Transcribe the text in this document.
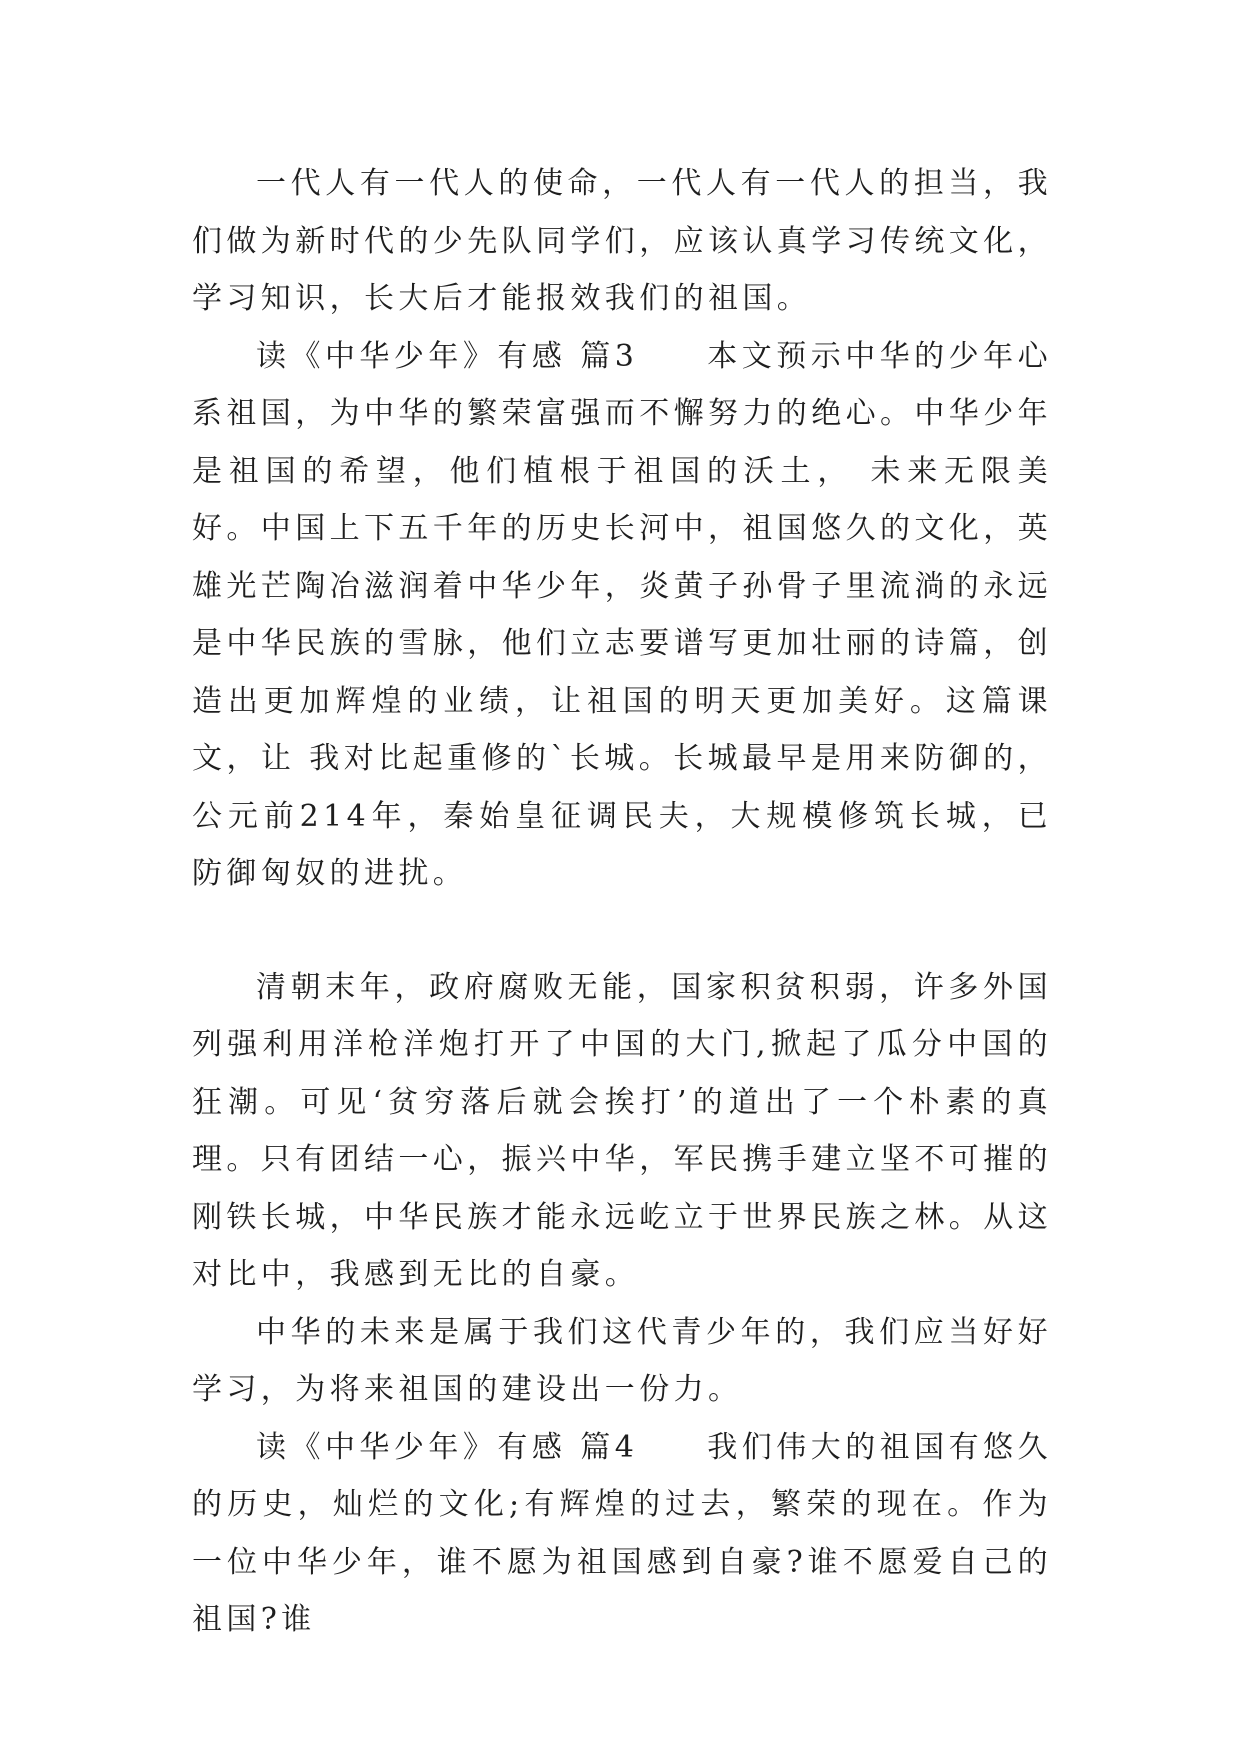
一代人有一代人的使命，一代人有一代人的担当，我们做为新时代的少先队同学们，应该认真学习传统文化，学习知识，长大后才能报效我们的祖国。

读《中华少年》有感 篇3　　本文预示中华的少年心系祖国，为中华的繁荣富强而不懈努力的绝心。中华少年是祖国的希望，他们植根于祖国的沃土， 未来无限美好。中国上下五千年的历史长河中，祖国悠久的文化，英雄光芒陶冶滋润着中华少年，炎黄子孙骨子里流淌的永远是中华民族的雪脉，他们立志要谱写更加壮丽的诗篇，创造出更加辉煌的业绩，让祖国的明天更加美好。这篇课文，让 我对比起重修的`长城。长城最早是用来防御的，公元前214年，秦始皇征调民夫，大规模修筑长城，已防御匈奴的进扰。

清朝末年，政府腐败无能，国家积贫积弱，许多外国列强利用洋枪洋炮打开了中国的大门,掀起了瓜分中国的狂潮。可见‘贫穷落后就会挨打’的道出了一个朴素的真理。只有团结一心，振兴中华，军民携手建立坚不可摧的刚铁长城，中华民族才能永远屹立于世界民族之林。从这对比中，我感到无比的自豪。

中华的未来是属于我们这代青少年的，我们应当好好学习，为将来祖国的建设出一份力。

读《中华少年》有感 篇4　　我们伟大的祖国有悠久的历史，灿烂的文化;有辉煌的过去，繁荣的现在。作为一位中华少年，谁不愿为祖国感到自豪?谁不愿爱自己的祖国?谁
